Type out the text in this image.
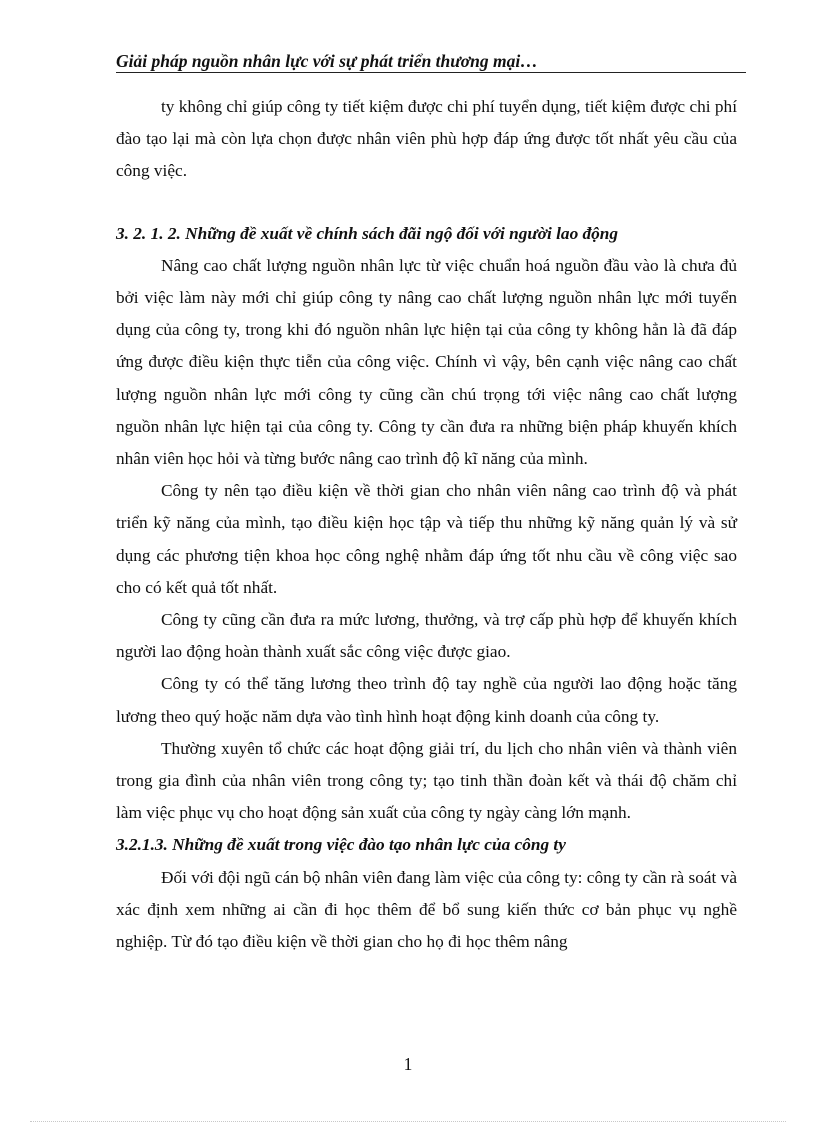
Giải pháp nguồn nhân lực với sự phát triển thương mại…

ty không chỉ giúp công ty tiết kiệm được chi phí tuyển dụng, tiết kiệm được chi phí đào tạo lại mà còn lựa chọn được nhân viên phù hợp đáp ứng được tốt nhất yêu cầu của công việc.

3. 2. 1. 2. Những đề xuất về chính sách đãi ngộ đối với người lao động

Nâng cao chất lượng nguồn nhân lực từ việc chuẩn hoá nguồn đầu vào là chưa đủ bởi việc làm này mới chỉ giúp công ty nâng cao chất lượng nguồn nhân lực mới tuyển dụng của công ty, trong khi đó nguồn nhân lực hiện tại của công ty không hẳn là đã đáp ứng được điều kiện thực tiễn của công việc. Chính vì vậy, bên cạnh việc nâng cao chất lượng nguồn nhân lực mới công ty cũng cần chú trọng tới việc nâng cao chất lượng nguồn nhân lực hiện tại của công ty. Công ty cần đưa ra những biện pháp khuyến khích nhân viên học hỏi và từng bước nâng cao trình độ kĩ năng của mình.

Công ty nên tạo điều kiện về thời gian cho nhân viên nâng cao trình độ và phát triển kỹ năng của mình, tạo điều kiện học tập và tiếp thu những kỹ năng quản lý và sử dụng các phương tiện khoa học công nghệ nhằm đáp ứng tốt nhu cầu về công việc sao cho có kết quả tốt nhất.

Công ty cũng cần đưa ra mức lương, thưởng, và trợ cấp phù hợp để khuyến khích người lao động hoàn thành xuất sắc công việc được giao.

Công ty có thể tăng lương theo trình độ tay nghề của người lao động hoặc tăng lương theo quý hoặc năm dựa vào tình hình hoạt động kinh doanh của công ty.

Thường xuyên tổ chức các hoạt động giải trí, du lịch cho nhân viên và thành viên trong gia đình của nhân viên trong công ty; tạo tinh thần đoàn kết và thái độ chăm chỉ làm việc phục vụ cho hoạt động sản xuất của công ty ngày càng lớn mạnh.

3.2.1.3. Những đề xuất trong việc đào tạo nhân lực của công ty

Đối với đội ngũ cán bộ nhân viên đang làm việc của công ty: công ty cần rà soát và xác định xem những ai cần đi học thêm để bổ sung kiến thức cơ bản phục vụ nghề nghiệp. Từ đó tạo điều kiện về thời gian cho họ đi học thêm nâng

1
